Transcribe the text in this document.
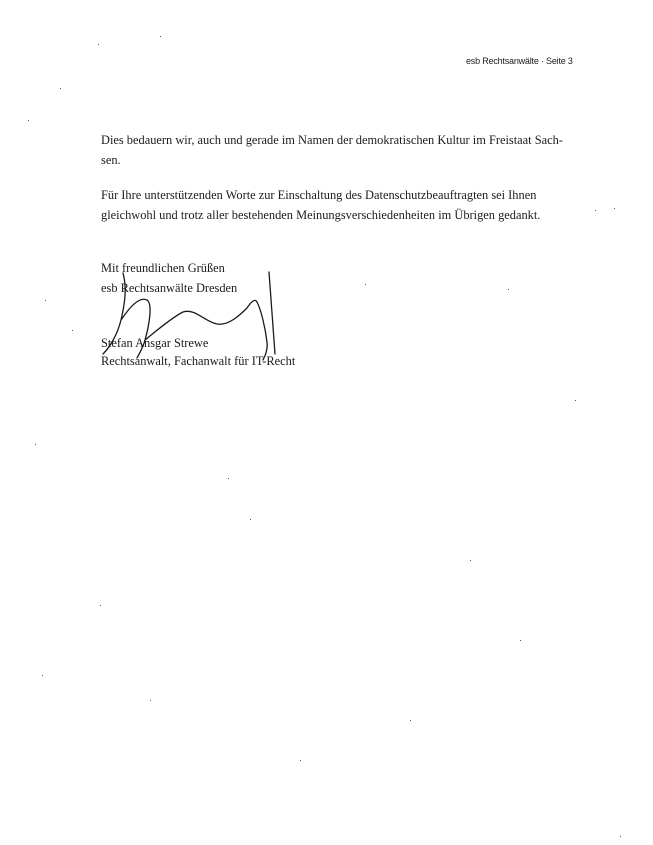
esb Rechtsanwälte · Seite 3
Dies bedauern wir, auch und gerade im Namen der demokratischen Kultur im Freistaat Sach-
sen.
Für Ihre unterstützenden Worte zur Einschaltung des Datenschutzbeauftragten sei Ihnen
gleichwohl und trotz aller bestehenden Meinungsverschiedenheiten im Übrigen gedankt.
Mit freundlichen Grüßen
esb Rechtsanwälte Dresden
Stefan Ansgar Strewe
Rechtsanwalt, Fachanwalt für IT-Recht
